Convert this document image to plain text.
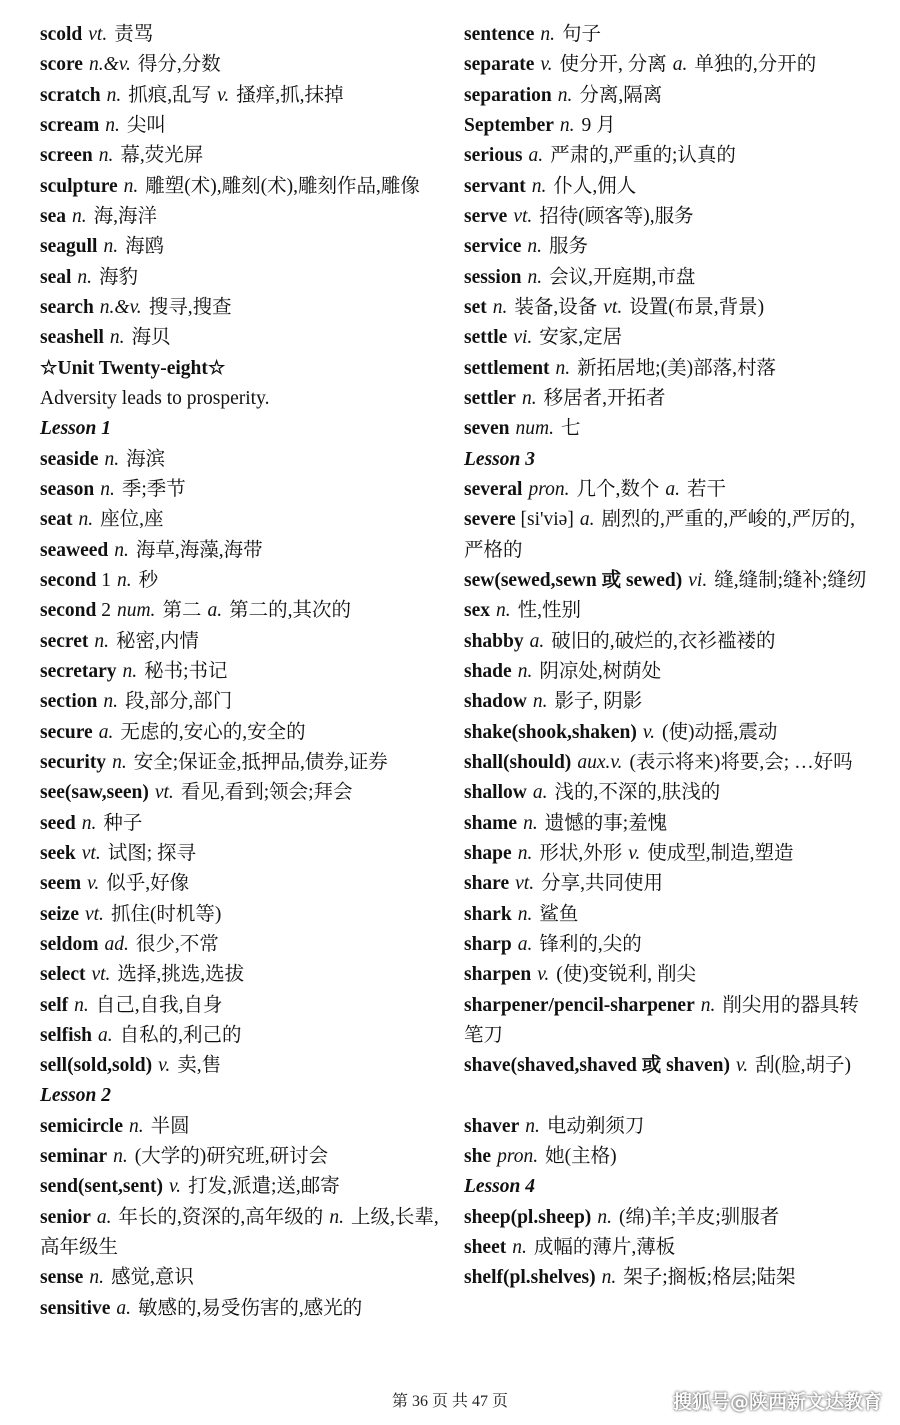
scold vt. 责骂
score n.&v. 得分,分数
scratch n. 抓痕,乱写 v. 搔痒,抓,抹掉
scream n. 尖叫
screen n. 幕,荧光屏
sculpture n. 雕塑(术),雕刻(术),雕刻作品,雕像
sea n. 海,海洋
seagull n. 海鸥
seal n. 海豹
search n.&v. 搜寻,搜查
seashell n. 海贝
☆Unit Twenty-eight☆
Adversity leads to prosperity.
Lesson 1
seaside n. 海滨
season n. 季;季节
seat n. 座位,座
seaweed n. 海草,海藻,海带
second 1 n. 秒
second 2 num. 第二 a. 第二的,其次的
secret n. 秘密,内情
secretary n. 秘书;书记
section n. 段,部分,部门
secure a. 无虑的,安心的,安全的
security n. 安全;保证金,抵押品,债券,证券
see(saw,seen) vt. 看见,看到;领会;拜会
seed n. 种子
seek vt. 试图; 探寻
seem v. 似乎,好像
seize vt. 抓住(时机等)
seldom ad. 很少,不常
select vt. 选择,挑选,选拔
self n. 自己,自我,自身
selfish a. 自私的,利己的
sell(sold,sold) v. 卖,售
Lesson 2
semicircle n. 半圆
seminar n. (大学的)研究班,研讨会
send(sent,sent) v. 打发,派遣;送,邮寄
senior a. 年长的,资深的,高年级的 n. 上级,长辈,高年级生
sense n. 感觉,意识
sensitive a. 敏感的,易受伤害的,感光的
sentence n. 句子
separate v. 使分开, 分离 a. 单独的,分开的
separation n. 分离,隔离
September n. 9 月
serious a. 严肃的,严重的;认真的
servant n. 仆人,佣人
serve vt. 招待(顾客等),服务
service n. 服务
session n. 会议,开庭期,市盘
set n. 装备,设备 vt. 设置(布景,背景)
settle vi. 安家,定居
settlement n. 新拓居地;(美)部落,村落
settler n. 移居者,开拓者
seven num. 七
Lesson 3
several pron. 几个,数个 a. 若干
severe [si'viə] a. 剧烈的,严重的,严峻的,严厉的,严格的
sew(sewed,sewn 或 sewed) vi. 缝,缝制;缝补;缝纫
sex n. 性,性别
shabby a. 破旧的,破烂的,衣衫褴褛的
shade n. 阴凉处,树荫处
shadow n. 影子, 阴影
shake(shook,shaken) v. (使)动摇,震动
shall(should) aux.v. (表示将来)将要,会; …好吗
shallow a. 浅的,不深的,肤浅的
shame n. 遗憾的事;羞愧
shape n. 形状,外形 v. 使成型,制造,塑造
share vt. 分享,共同使用
shark n. 鲨鱼
sharp a. 锋利的,尖的
sharpen v. (使)变锐利, 削尖
sharpener/pencil-sharpener n. 削尖用的器具转笔刀
shave(shaved,shaved 或 shaven) v. 刮(脸,胡子)
shaver n. 电动剃须刀
she pron. 她(主格)
Lesson 4
sheep(pl.sheep) n. (绵)羊;羊皮;驯服者
sheet n. 成幅的薄片,薄板
shelf(pl.shelves) n. 架子;搁板;格层;陆架
第 36 页 共 47 页	搜狐号@陕西新文达教育
